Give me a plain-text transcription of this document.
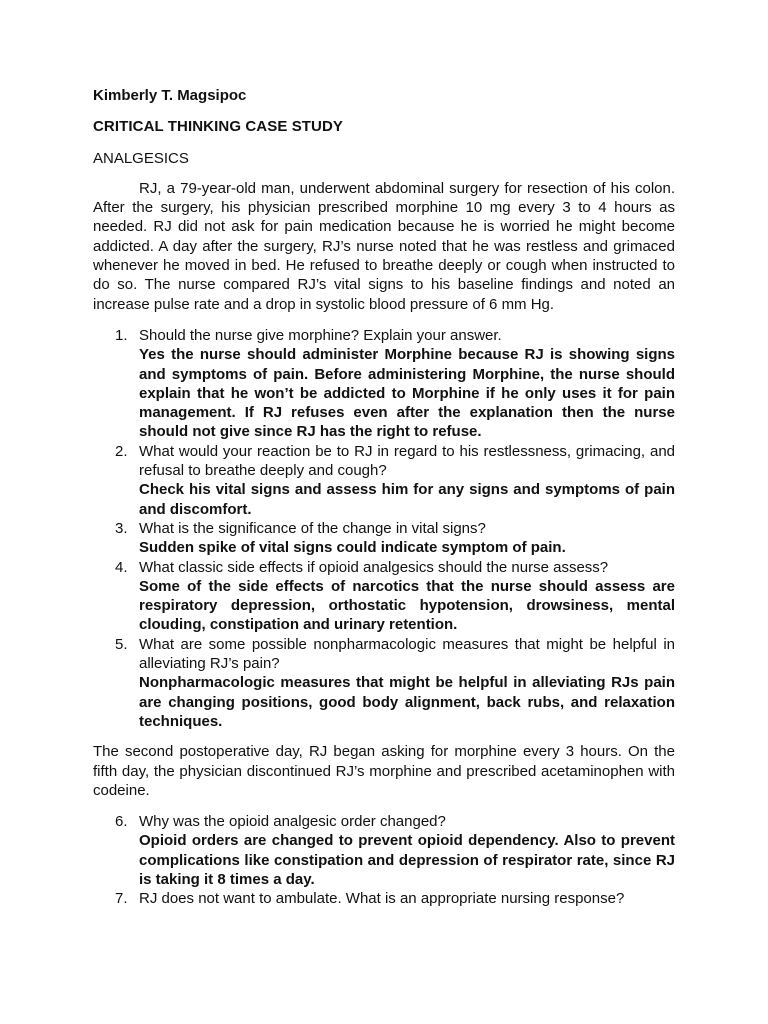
Kimberly T. Magsipoc

CRITICAL THINKING CASE STUDY

ANALGESICS

RJ, a 79-year-old man, underwent abdominal surgery for resection of his colon. After the surgery, his physician prescribed morphine 10 mg every 3 to 4 hours as needed. RJ did not ask for pain medication because he is worried he might become addicted. A day after the surgery, RJ’s nurse noted that he was restless and grimaced whenever he moved in bed. He refused to breathe deeply or cough when instructed to do so. The nurse compared RJ’s vital signs to his baseline findings and noted an increase pulse rate and a drop in systolic blood pressure of 6 mm Hg.

1. Should the nurse give morphine? Explain your answer.
Yes the nurse should administer Morphine because RJ is showing signs and symptoms of pain. Before administering Morphine, the nurse should explain that he won’t be addicted to Morphine if he only uses it for pain management. If RJ refuses even after the explanation then the nurse should not give since RJ has the right to refuse.
2. What would your reaction be to RJ in regard to his restlessness, grimacing, and refusal to breathe deeply and cough?
Check his vital signs and assess him for any signs and symptoms of pain and discomfort.
3. What is the significance of the change in vital signs?
Sudden spike of vital signs could indicate symptom of pain.
4. What classic side effects if opioid analgesics should the nurse assess?
Some of the side effects of narcotics that the nurse should assess are respiratory depression, orthostatic hypotension, drowsiness, mental clouding, constipation and urinary retention.
5. What are some possible nonpharmacologic measures that might be helpful in alleviating RJ’s pain?
Nonpharmacologic measures that might be helpful in alleviating RJs pain are changing positions, good body alignment, back rubs, and relaxation techniques.

The second postoperative day, RJ began asking for morphine every 3 hours. On the fifth day, the physician discontinued RJ’s morphine and prescribed acetaminophen with codeine.

6. Why was the opioid analgesic order changed?
Opioid orders are changed to prevent opioid dependency. Also to prevent complications like constipation and depression of respirator rate, since RJ is taking it 8 times a day.
7. RJ does not want to ambulate. What is an appropriate nursing response?
